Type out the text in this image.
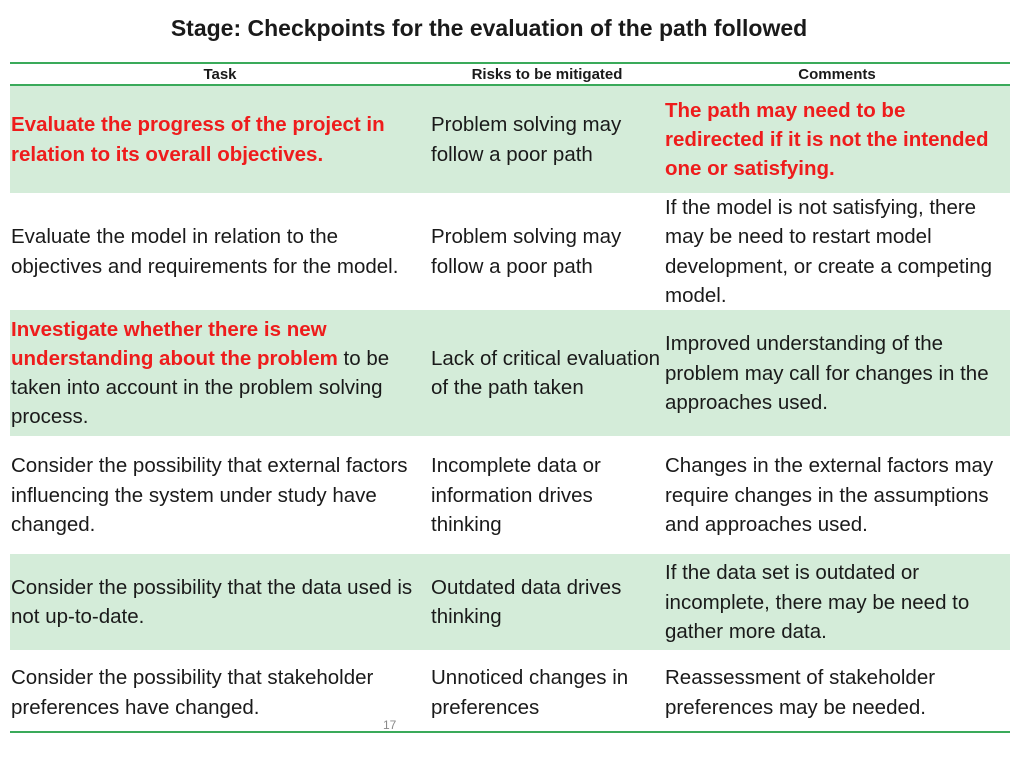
Stage: Checkpoints for the evaluation of the path followed
Task	Risks to be mitigated	Comments
Evaluate the progress of the project in relation to its overall objectives.	Problem solving may follow a poor path	The path may need to be redirected if it is not the intended one or satisfying.
Evaluate the model in relation to the objectives and requirements for the model.	Problem solving may follow a poor path	If the model is not satisfying, there may be need to restart model development, or create a competing model.
Investigate whether there is new understanding about the problem to be taken into account in the problem solving process.	Lack of critical evaluation of the path taken	Improved understanding of the problem may call for changes in the approaches used.
Consider the possibility that external factors influencing the system under study have changed.	Incomplete data or information drives thinking	Changes in the external factors may require changes in the assumptions and approaches used.
Consider the possibility that the data used is not up-to-date.	Outdated data drives thinking	If the data set is outdated or incomplete, there may be need to gather more data.

Consider the possibility that stakeholder preferences have changed.	Unnoticed changes in preferences	Reassessment of stakeholder preferences may be needed.
17
